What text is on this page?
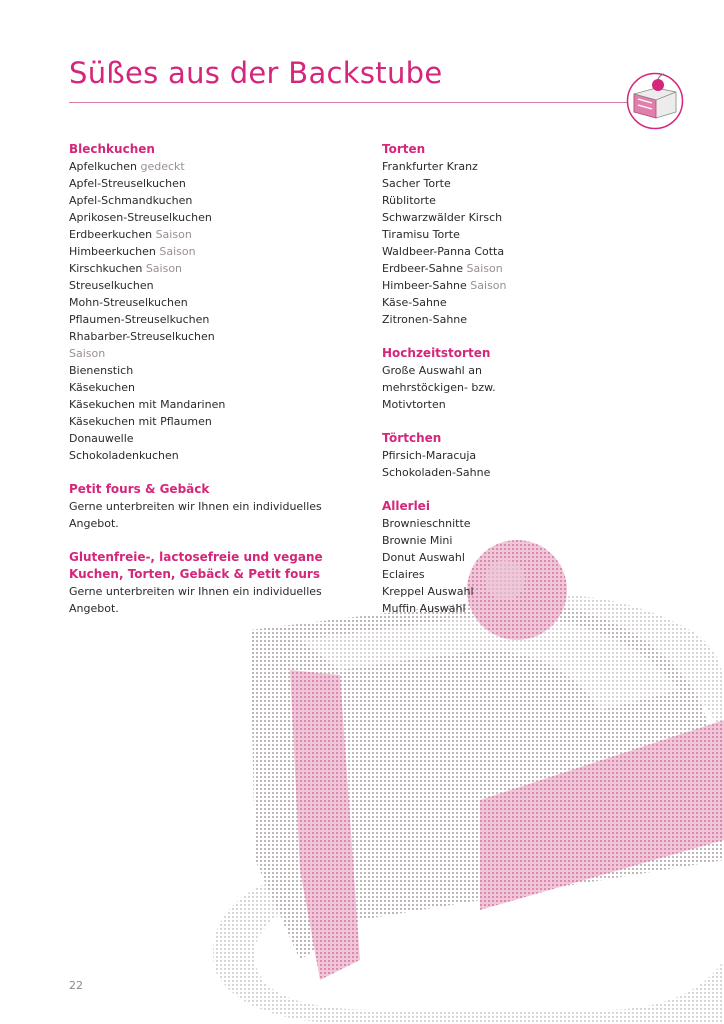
Süßes aus der Backstube

Blechkuchen

Apfelkuchen gedeckt

Apfel-Streuselkuchen

Apfel-Schmandkuchen

Aprikosen-Streuselkuchen

Erdbeerkuchen Saison

Himbeerkuchen Saison

Kirschkuchen Saison

Streuselkuchen

Mohn-Streuselkuchen

Pflaumen-Streuselkuchen

Rhabarber-Streuselkuchen

Saison

Bienenstich

Käsekuchen

Käsekuchen mit Mandarinen

Käsekuchen mit Pflaumen

Donauwelle

Schokoladenkuchen

Petit fours & Gebäck

Gerne unterbreiten wir Ihnen ein individuelles Angebot.

Glutenfreie-, lactosefreie und vegane

Kuchen, Torten, Gebäck & Petit fours

Gerne unterbreiten wir Ihnen ein individuelles Angebot.

Torten

Frankfurter Kranz

Sacher Torte

Rüblitorte

Schwarzwälder Kirsch

Tiramisu Torte

Waldbeer-Panna Cotta

Erdbeer-Sahne Saison

Himbeer-Sahne Saison

Käse-Sahne

Zitronen-Sahne

Hochzeitstorten

Große Auswahl an

mehrstöckigen- bzw.

Motivtorten

Törtchen

Pfirsich-Maracuja

Schokoladen-Sahne

Allerlei

Brownieschnitte

Brownie Mini

Donut Auswahl

Eclaires

Kreppel Auswahl

Muffin Auswahl

22
